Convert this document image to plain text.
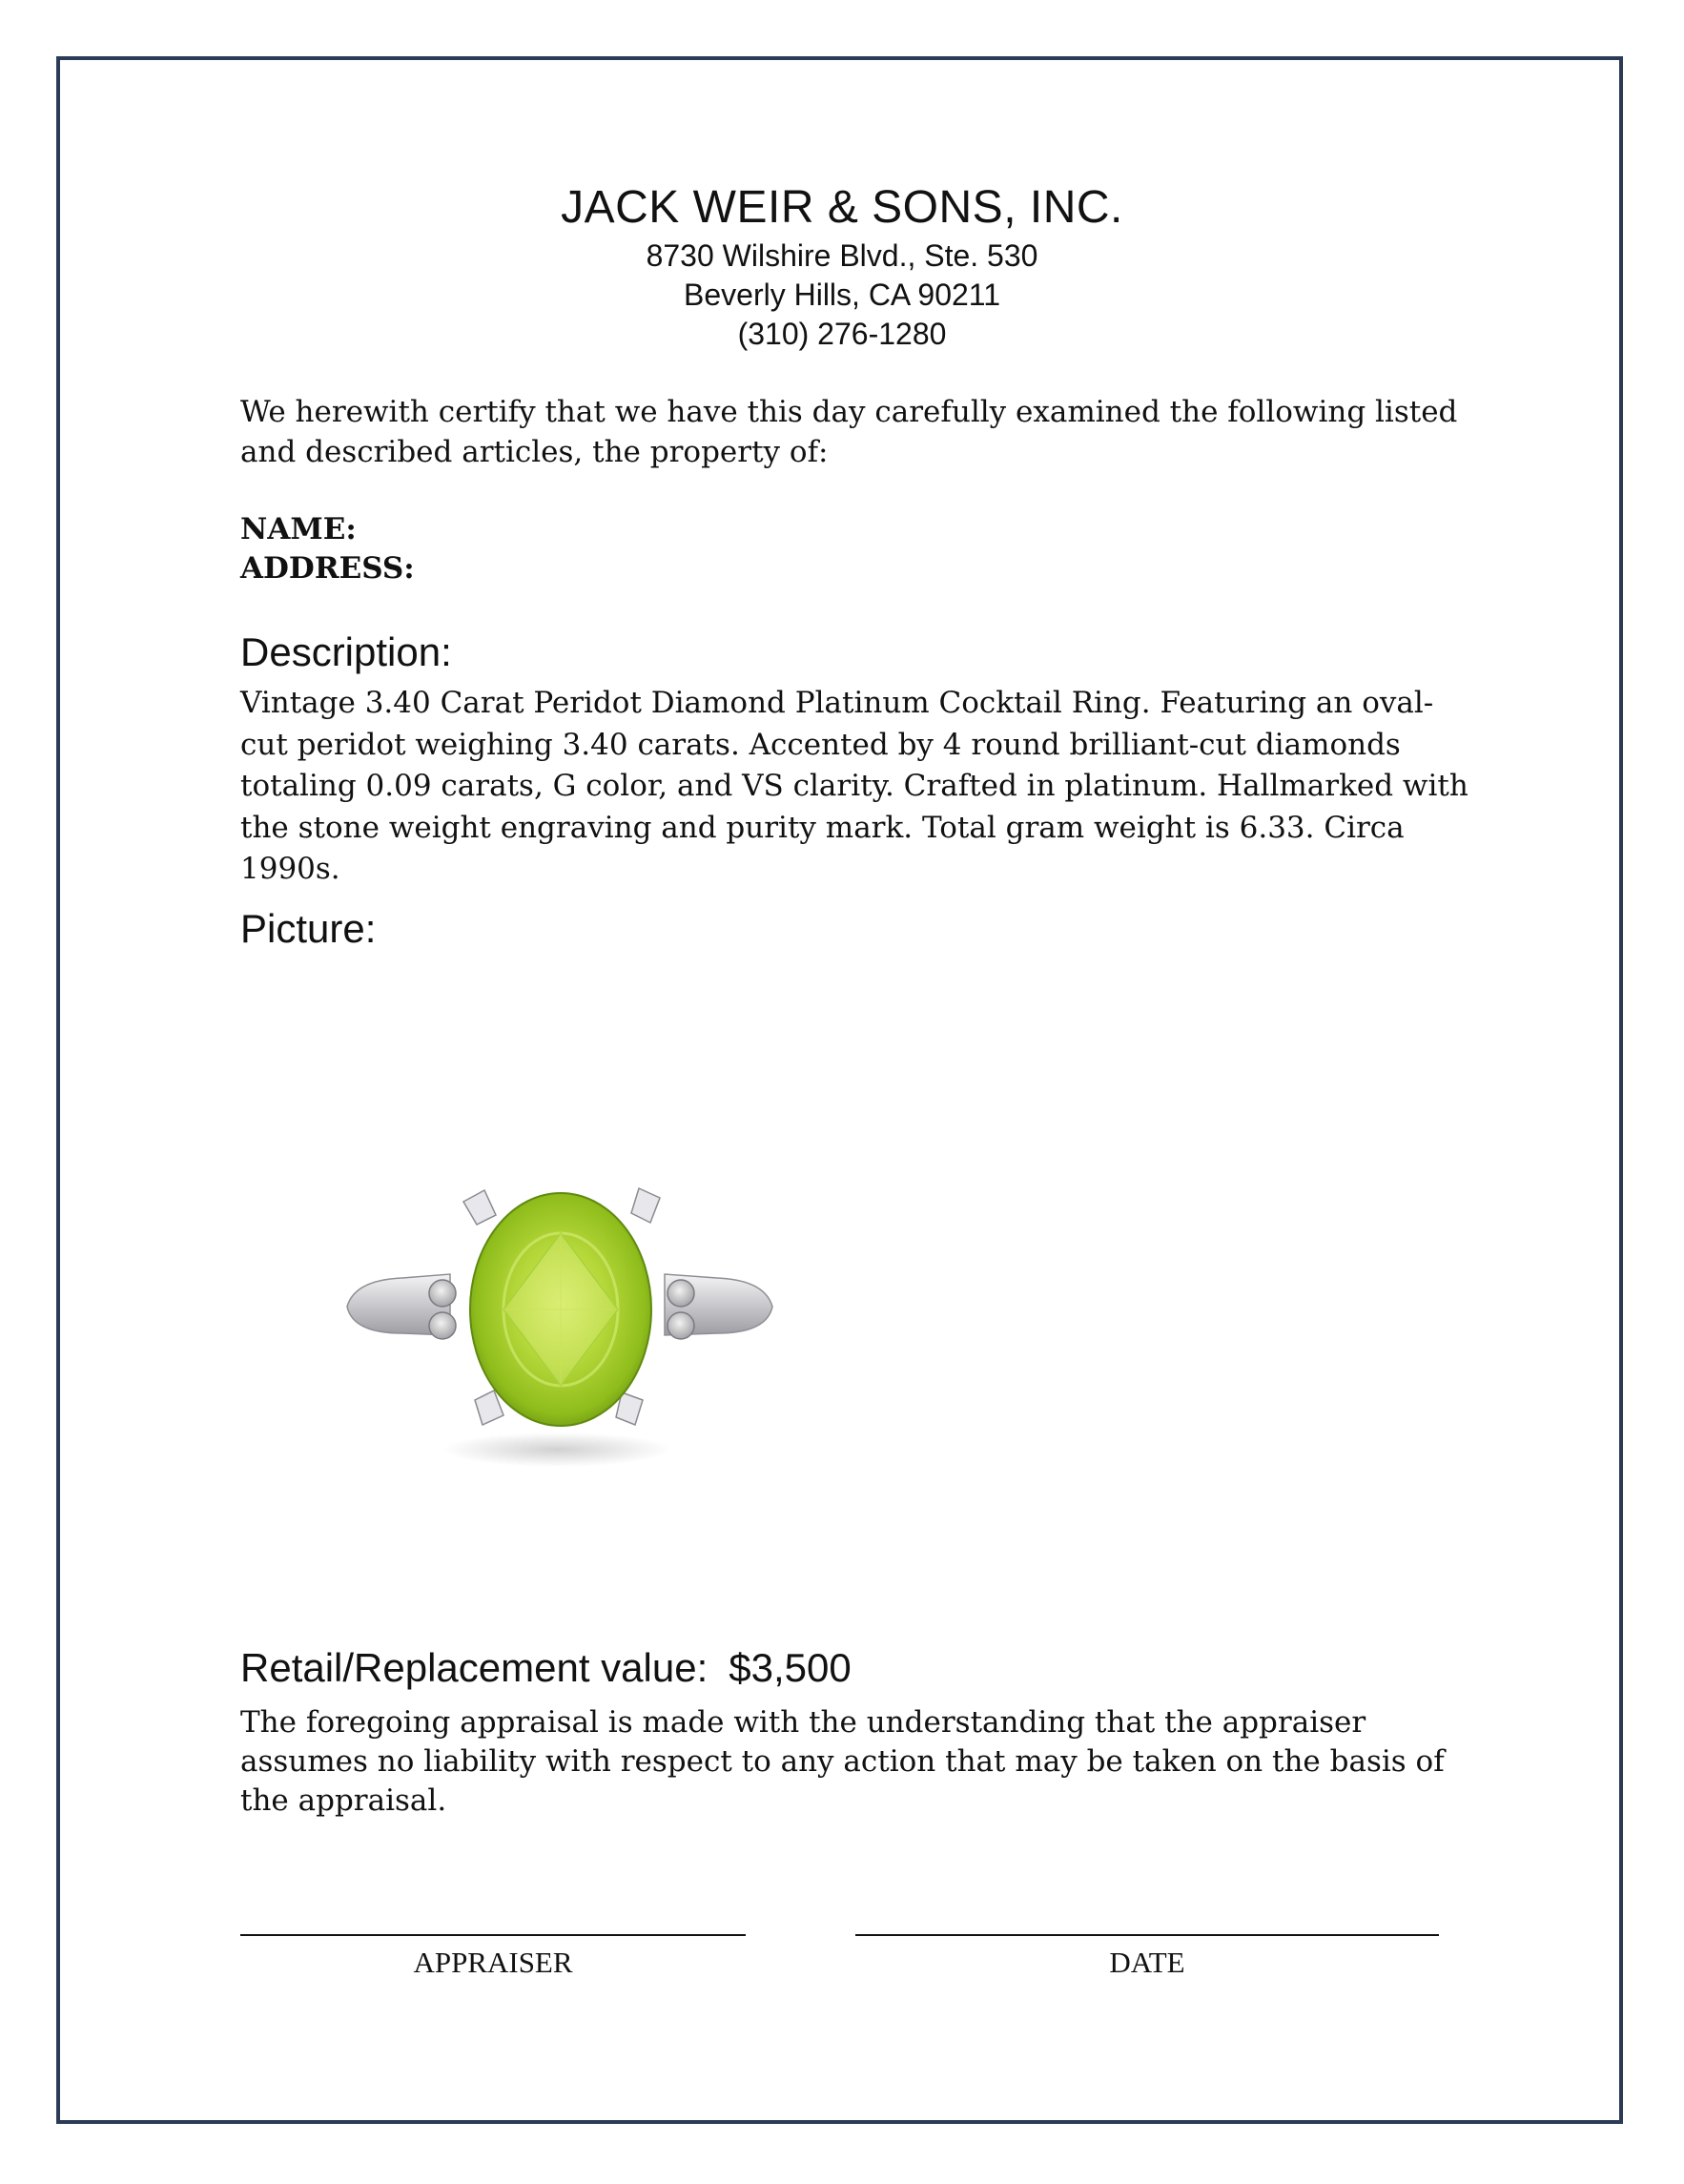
JACK WEIR & SONS, INC.
8730 Wilshire Blvd., Ste. 530
Beverly Hills, CA 90211
(310) 276-1280
We herewith certify that we have this day carefully examined the following listed and described articles, the property of:
NAME:
ADDRESS:
Description:
Vintage 3.40 Carat Peridot Diamond Platinum Cocktail Ring. Featuring an oval-cut peridot weighing 3.40 carats. Accented by 4 round brilliant-cut diamonds totaling 0.09 carats, G color, and VS clarity. Crafted in platinum. Hallmarked with the stone weight engraving and purity mark. Total gram weight is 6.33. Circa 1990s.
Picture:
Retail/Replacement value: $3,500
The foregoing appraisal is made with the understanding that the appraiser assumes no liability with respect to any action that may be taken on the basis of the appraisal.
APPRAISER	DATE
